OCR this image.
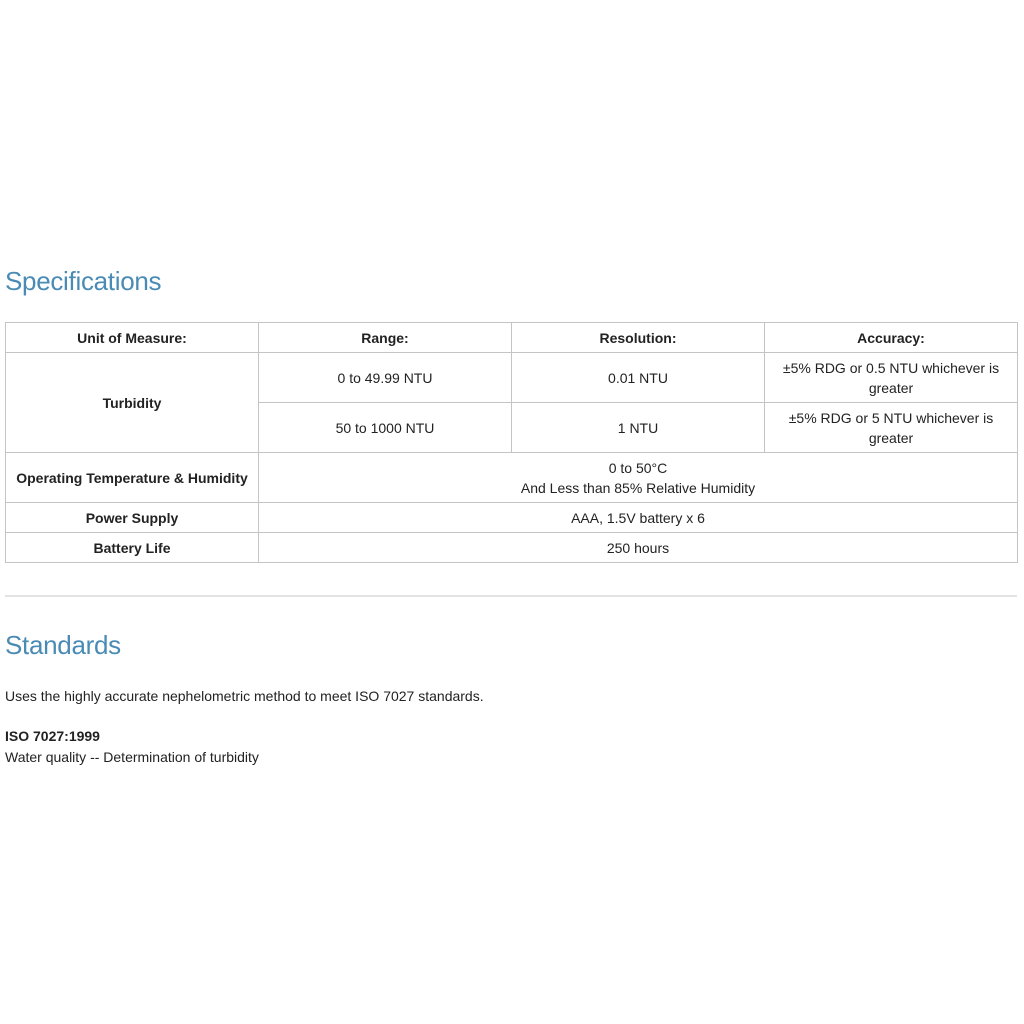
Specifications
Unit of Measure:	Range:	Resolution:	Accuracy:
Turbidity	0 to 49.99 NTU	0.01 NTU	±5% RDG or 0.5 NTU whichever is
greater
	50 to 1000 NTU	1 NTU	±5% RDG or 5 NTU whichever is
greater
Operating Temperature & Humidity	0 to 50°C
And Less than 85% Relative Humidity		
Power Supply	AAA, 1.5V battery x 6		
Battery Life	250 hours		
Standards

Uses the highly accurate nephelometric method to meet ISO 7027 standards.

ISO 7027:1999

Water quality -- Determination of turbidity
